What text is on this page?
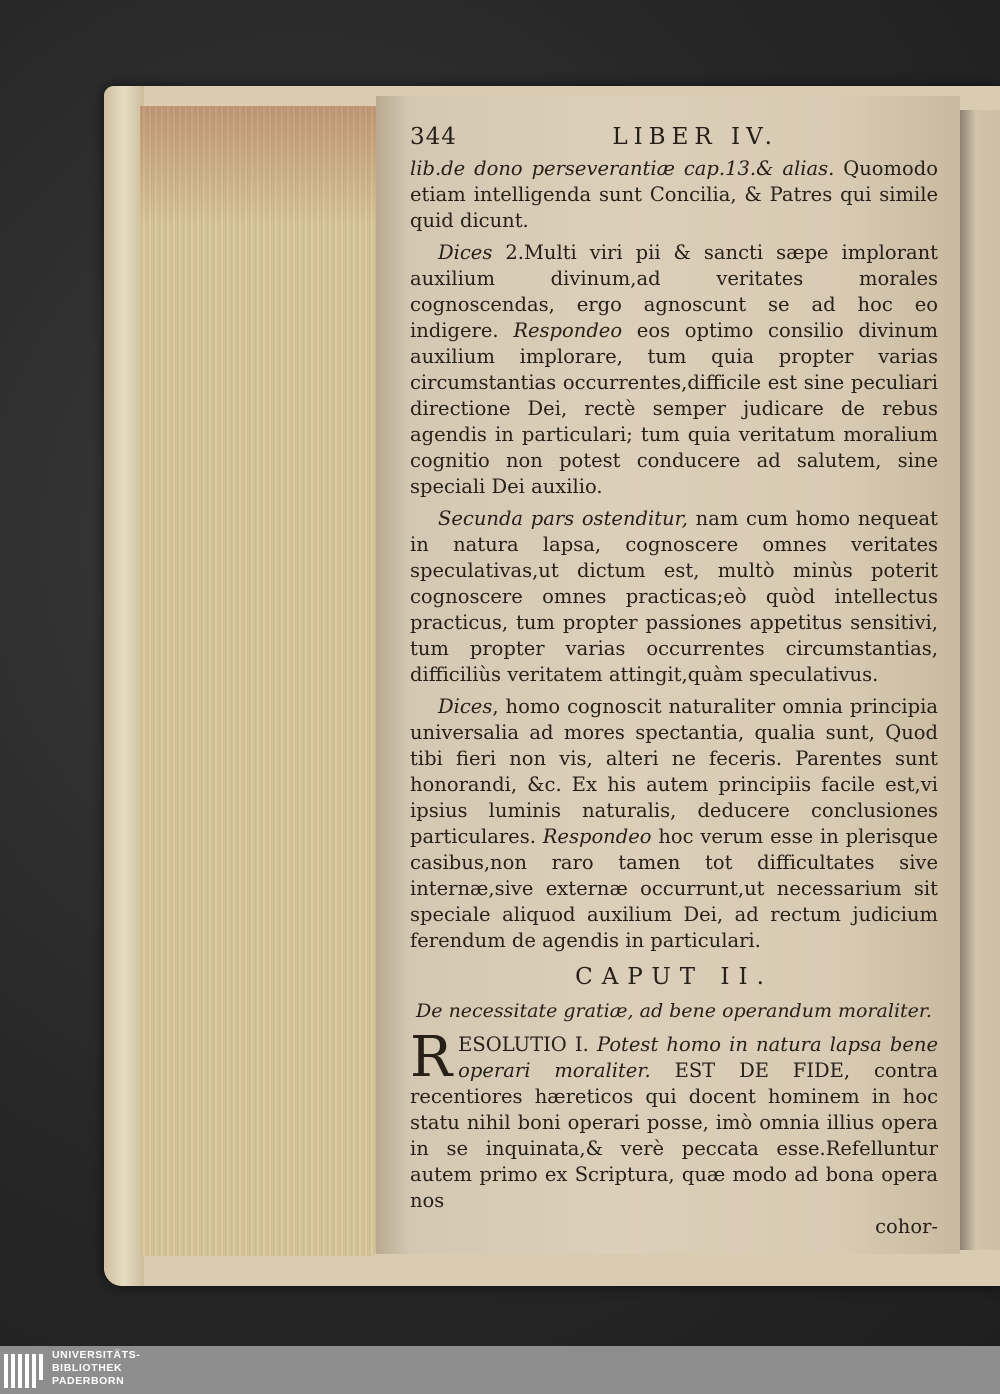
344	LIBER IV.

lib.de dono perseverantiæ cap.13.& alias. Quomodo etiam intelligenda sunt Concilia, & Patres qui simile quid dicunt.

Dices 2.Multi viri pii & sancti sæpe implorant auxilium divinum,ad veritates morales cognoscendas, ergo agnoscunt se ad hoc eo indigere. Respondeo eos optimo consilio divinum auxilium implorare, tum quia propter varias circumstantias occurrentes,difficile est sine peculiari directione Dei, rectè semper judicare de rebus agendis in particulari; tum quia veritatum moralium cognitio non potest conducere ad salutem, sine speciali Dei auxilio.

Secunda pars ostenditur, nam cum homo nequeat in natura lapsa, cognoscere omnes veritates speculativas,ut dictum est, multò minùs poterit cognoscere omnes practicas;eò quòd intellectus practicus, tum propter passiones appetitus sensitivi, tum propter varias occurrentes circumstantias, difficiliùs veritatem attingit,quàm speculativus.

Dices, homo cognoscit naturaliter omnia principia universalia ad mores spectantia, qualia sunt, Quod tibi fieri non vis, alteri ne feceris. Parentes sunt honorandi, &c. Ex his autem principiis facile est,vi ipsius luminis naturalis, deducere conclusiones particulares. Respondeo hoc verum esse in plerisque casibus,non raro tamen tot difficultates sive internæ,sive externæ occurrunt,ut necessarium sit speciale aliquod auxilium Dei, ad rectum judicium ferendum de agendis in particulari.

CAPUT II.
De necessitate gratiæ, ad bene operandum moraliter.

R ESOLUTIO I. Potest homo in natura lapsa bene operari moraliter. EST DE FIDE, contra recentiores hæreticos qui docent hominem in hoc statu nihil boni operari posse, imò omnia illius opera in se inquinata,& verè peccata esse.Refelluntur autem primo ex Scriptura, quæ modo ad bona opera nos

cohor-
UNIVERSITÄTS-
BIBLIOTHEK
PADERBORN
